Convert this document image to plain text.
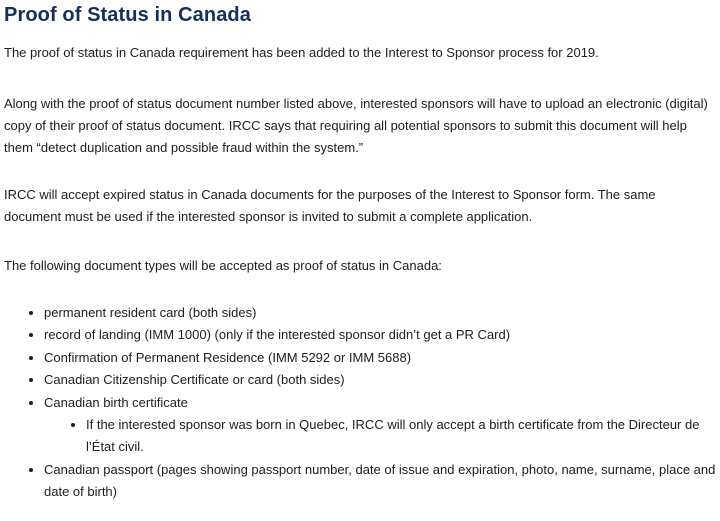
Proof of Status in Canada

The proof of status in Canada requirement has been added to the Interest to Sponsor process for 2019.

Along with the proof of status document number listed above, interested sponsors will have to upload an electronic (digital) copy of their proof of status document. IRCC says that requiring all potential sponsors to submit this document will help them “detect duplication and possible fraud within the system.”

IRCC will accept expired status in Canada documents for the purposes of the Interest to Sponsor form. The same document must be used if the interested sponsor is invited to submit a complete application.

The following document types will be accepted as proof of status in Canada:

• permanent resident card (both sides)
• record of landing (IMM 1000) (only if the interested sponsor didn’t get a PR Card)
• Confirmation of Permanent Residence (IMM 5292 or IMM 5688)
• Canadian Citizenship Certificate or card (both sides)
• Canadian birth certificate
• If the interested sponsor was born in Quebec, IRCC will only accept a birth certificate from the Directeur de l’État civil.
• Canadian passport (pages showing passport number, date of issue and expiration, photo, name, surname, place and date of birth)
